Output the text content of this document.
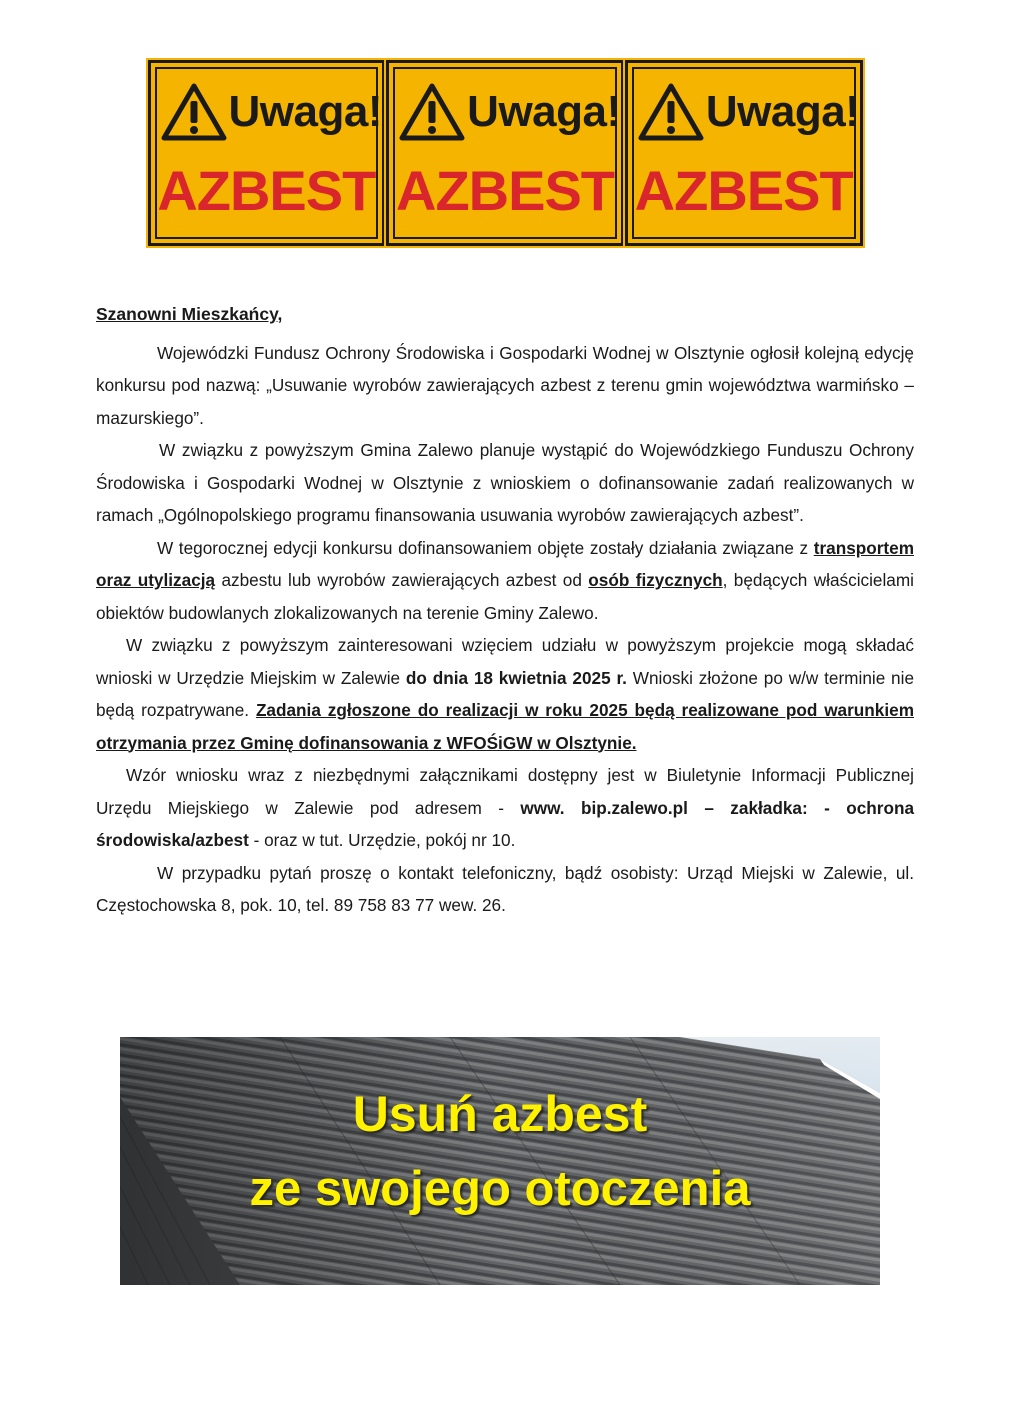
Uwaga!
AZBEST
Uwaga!
AZBEST
Uwaga!
AZBEST

Szanowni Mieszkańcy,

Wojewódzki Fundusz Ochrony Środowiska i Gospodarki Wodnej w Olsztynie ogłosił kolejną edycję konkursu pod nazwą: „Usuwanie wyrobów zawierających azbest z terenu gmin województwa warmińsko – mazurskiego”.

W związku z powyższym Gmina Zalewo planuje wystąpić do Wojewódzkiego Funduszu Ochrony Środowiska i Gospodarki Wodnej w Olsztynie z wnioskiem o dofinansowanie zadań realizowanych w ramach „Ogólnopolskiego programu finansowania usuwania wyrobów zawierających azbest”.

W tegorocznej edycji konkursu dofinansowaniem objęte zostały działania związane z transportem oraz utylizacją azbestu lub wyrobów zawierających azbest od osób fizycznych, będących właścicielami obiektów budowlanych zlokalizowanych na terenie Gminy Zalewo.

W związku z powyższym zainteresowani wzięciem udziału w powyższym projekcie mogą składać wnioski w Urzędzie Miejskim w Zalewie do dnia 18 kwietnia 2025 r. Wnioski złożone po w/w terminie nie będą rozpatrywane. Zadania zgłoszone do realizacji w roku 2025 będą realizowane pod warunkiem otrzymania przez Gminę dofinansowania z WFOŚiGW w Olsztynie.

Wzór wniosku wraz z niezbędnymi załącznikami dostępny jest w Biuletynie Informacji Publicznej Urzędu Miejskiego w Zalewie pod adresem - www. bip.zalewo.pl – zakładka: - ochrona środowiska/azbest - oraz w tut. Urzędzie, pokój nr 10.

W przypadku pytań proszę o kontakt telefoniczny, bądź osobisty: Urząd Miejski w Zalewie, ul. Częstochowska 8, pok. 10, tel. 89 758 83 77 wew. 26.

Usuń azbest
ze swojego otoczenia
